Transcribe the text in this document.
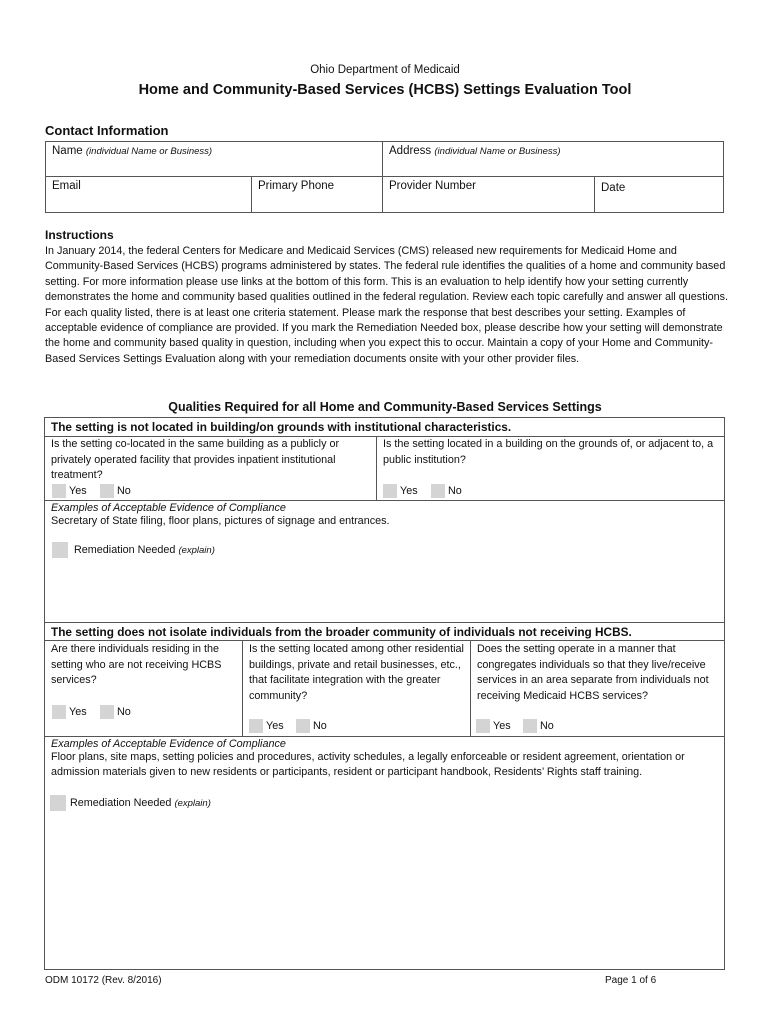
Ohio Department of Medicaid
Home and Community-Based Services (HCBS) Settings Evaluation Tool
Contact Information
Name (individual Name or Business)	Address (individual Name or Business)
Email	Primary Phone	Provider Number	Date
Instructions
In January 2014, the federal Centers for Medicare and Medicaid Services (CMS) released new requirements for Medicaid Home and Community-Based Services (HCBS) programs administered by states. The federal rule identifies the qualities of a home and community based setting. For more information please use links at the bottom of this form. This is an evaluation to help identify how your setting currently demonstrates the home and community based qualities outlined in the federal regulation. Review each topic carefully and answer all questions. For each quality listed, there is at least one criteria statement. Please mark the response that best describes your setting. Examples of acceptable evidence of compliance are provided. If you mark the Remediation Needed box, please describe how your setting will demonstrate the home and community based quality in question, including when you expect this to occur. Maintain a copy of your Home and Community-Based Services Settings Evaluation along with your remediation documents onsite with your other provider files.
Qualities Required for all Home and Community-Based Services Settings
The setting is not located in building/on grounds with institutional characteristics.
Is the setting co-located in the same building as a publicly or privately operated facility that provides inpatient institutional treatment?
Is the setting located in a building on the grounds of, or adjacent to, a public institution?
Yes	No	Yes	No
Examples of Acceptable Evidence of Compliance
Secretary of State filing, floor plans, pictures of signage and entrances.
Remediation Needed (explain)
The setting does not isolate individuals from the broader community of individuals not receiving HCBS.
Are there individuals residing in the setting who are not receiving HCBS services?
Is the setting located among other residential buildings, private and retail businesses, etc., that facilitate integration with the greater community?
Does the setting operate in a manner that congregates individuals so that they live/receive services in an area separate from individuals not receiving Medicaid HCBS services?
Yes	No
Yes	No	Yes	No
Examples of Acceptable Evidence of Compliance
Floor plans, site maps, setting policies and procedures, activity schedules, a legally enforceable or resident agreement, orientation or admission materials given to new residents or participants, resident or participant handbook, Residents’ Rights staff training.
Remediation Needed (explain)
ODM 10172 (Rev. 8/2016)	Page 1 of 6
